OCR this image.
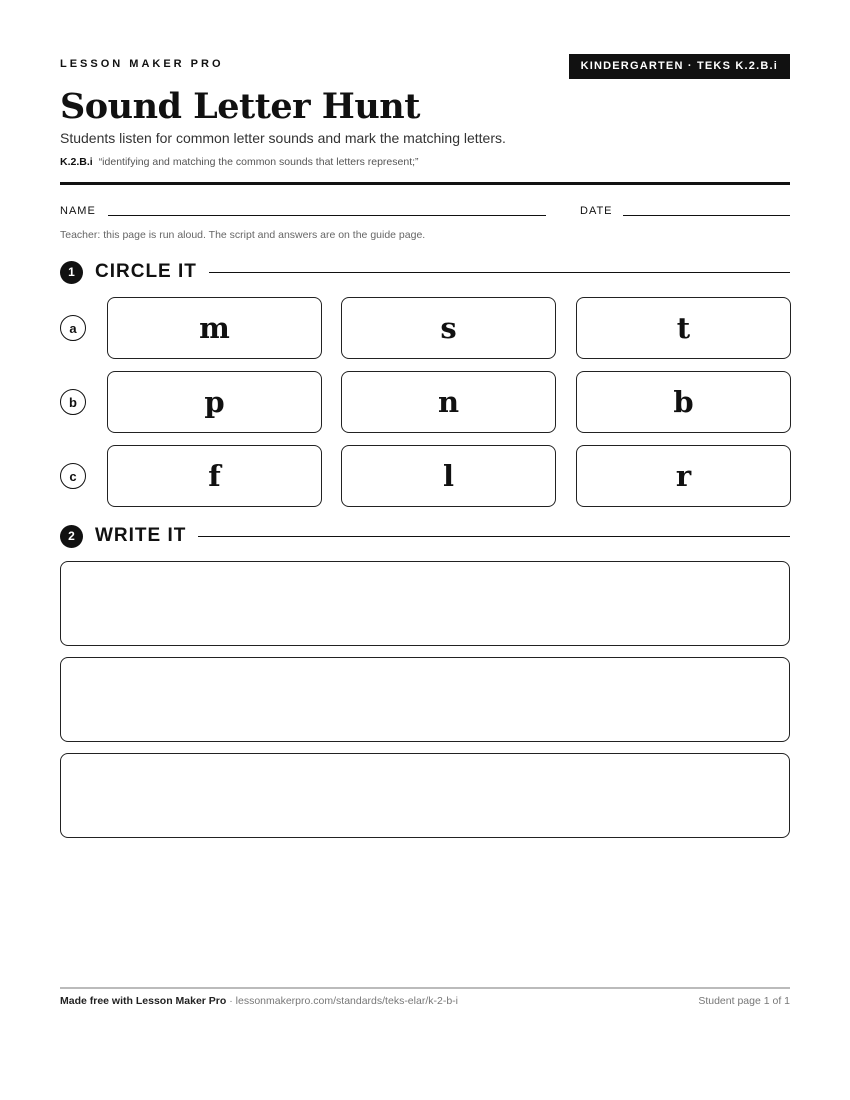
LESSON MAKER PRO	KINDERGARTEN · TEKS K.2.B.i
Sound Letter Hunt

Students listen for common letter sounds and mark the matching letters.

K.2.B.i “identifying and matching the common sounds that letters represent;”

NAME	DATE

Teacher: this page is run aloud. The script and answers are on the guide page.

1	CIRCLE IT
a	m	s	t
b	p	n	b
c	f	l	r
2	WRITE IT
Made free with Lesson Maker Pro · lessonmakerpro.com/standards/teks-elar/k-2-b-i	Student page 1 of 1
